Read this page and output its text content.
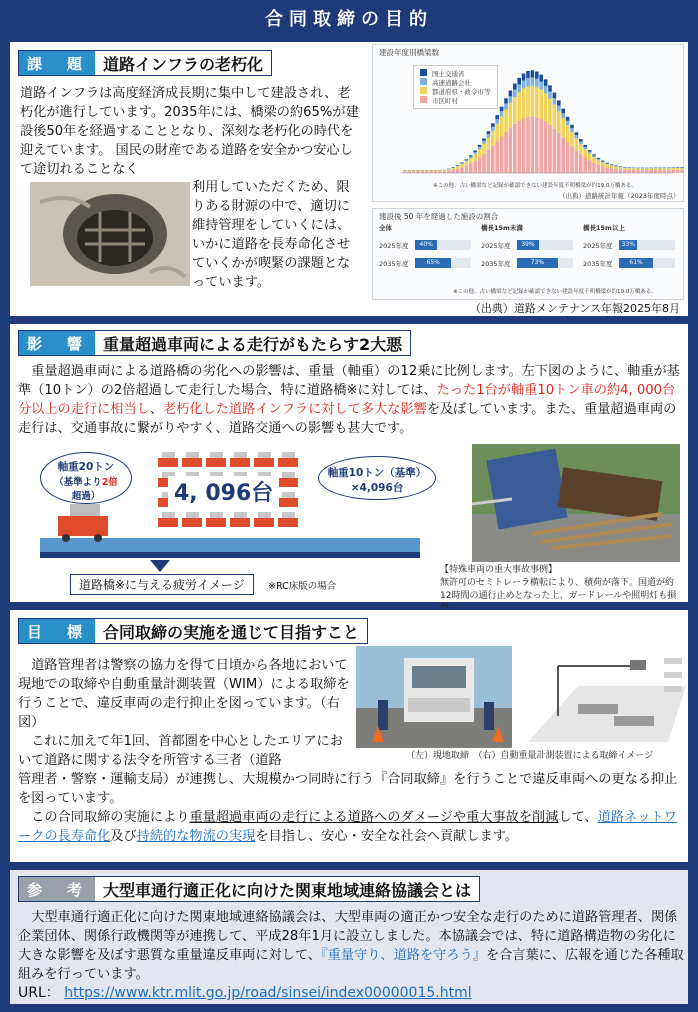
合同取締の目的
課　題	道路インフラの老朽化
道路インフラは高度経済成長期に集中して建設され、老朽化が進行しています。2035年には、橋梁の約65%が建設後50年を経過することとなり、深刻な老朽化の時代を迎えています。 国民の財産である道路を安全かつ安心して途切れることなく
利用していただくため、限りある財源の中で、適切に維持管理をしていくには、いかに道路を長寿命化させていくかが喫緊の課題となっています。
建設年度別橋梁数
国土交通省
高速道路会社
都道府県・政令市等
市区町村
※この他、古い橋梁など記録が確認できない建設年度不明橋梁が約19.0万橋ある。
（出典）道路統計年報（2023年度時点）
建設後 50 年を経過した施設の割合
全体
2025年度	40%
2035年度	65%
橋長15m未満
2025年度	39%
2035年度	73%
橋長15m以上
2025年度	33%
2035年度	61%
※この他、古い橋梁など記録が確認できない建設年度不明橋梁が約19.0万橋ある。
（出典）道路メンテナンス年報2025年8月
影　響	重量超過車両による走行がもたらす2大悪
重量超過車両による道路橋の劣化への影響は、重量（軸重）の12乗に比例します。左下図のように、軸重が基準（10トン）の2倍超過して走行した場合、特に道路橋※に対しては、たった1台が軸重10トン車の約4, 000台分以上の走行に相当し、老朽化した道路インフラに対して多大な影響を及ぼしています。また、重量超過車両の走行は、交通事故に繋がりやすく、道路交通への影響も甚大です。
軸重20トン
（基準より2倍
超過）	4, 096台
軸重10トン（基準）
×4,096台
道路橋※に与える疲労イメージ	※RC床版の場合
【特殊車両の重大事故事例】
無許可のセミトレーラ横転により、積荷が落下。国道が約12時間の通行止めとなった上、ガードレールや照明灯も損
目　標	合同取締の実施を通じて目指すこと
道路管理者は警察の協力を得て日頃から各地において現地での取締や自動重量計測装置（WIM）による取締を行うことで、違反車両の走行抑止を図っています。（右図）
これに加えて年1回、首都圏を中心としたエリアにおいて道路に関する法令を所管する三者（道路
管理者・警察・運輸支局）が連携し、大規模かつ同時に行う『合同取締』を行うことで違反車両への更なる抑止を図っています。
この合同取締の実施により重量超過車両の走行による道路へのダメージや重大事故を削減して、道路ネットワークの長寿命化及び持続的な物流の実現を目指し、安心・安全な社会へ貢献します。
（左）現地取締　（右）自動重量計測装置による取締イメージ
参　考	大型車通行適正化に向けた関東地域連絡協議会とは
大型車通行適正化に向けた関東地域連絡協議会は、大型車両の適正かつ安全な走行のために道路管理者、関係企業団体、関係行政機関等が連携して、平成28年1月に設立しました。本協議会では、特に道路構造物の劣化に大きな影響を及ぼす悪質な重量違反車両に対して、『重量守り、道路を守ろう』を合言葉に、広報を通じた各種取組みを行っています。
URL： https://www.ktr.mlit.go.jp/road/sinsei/index00000015.html
